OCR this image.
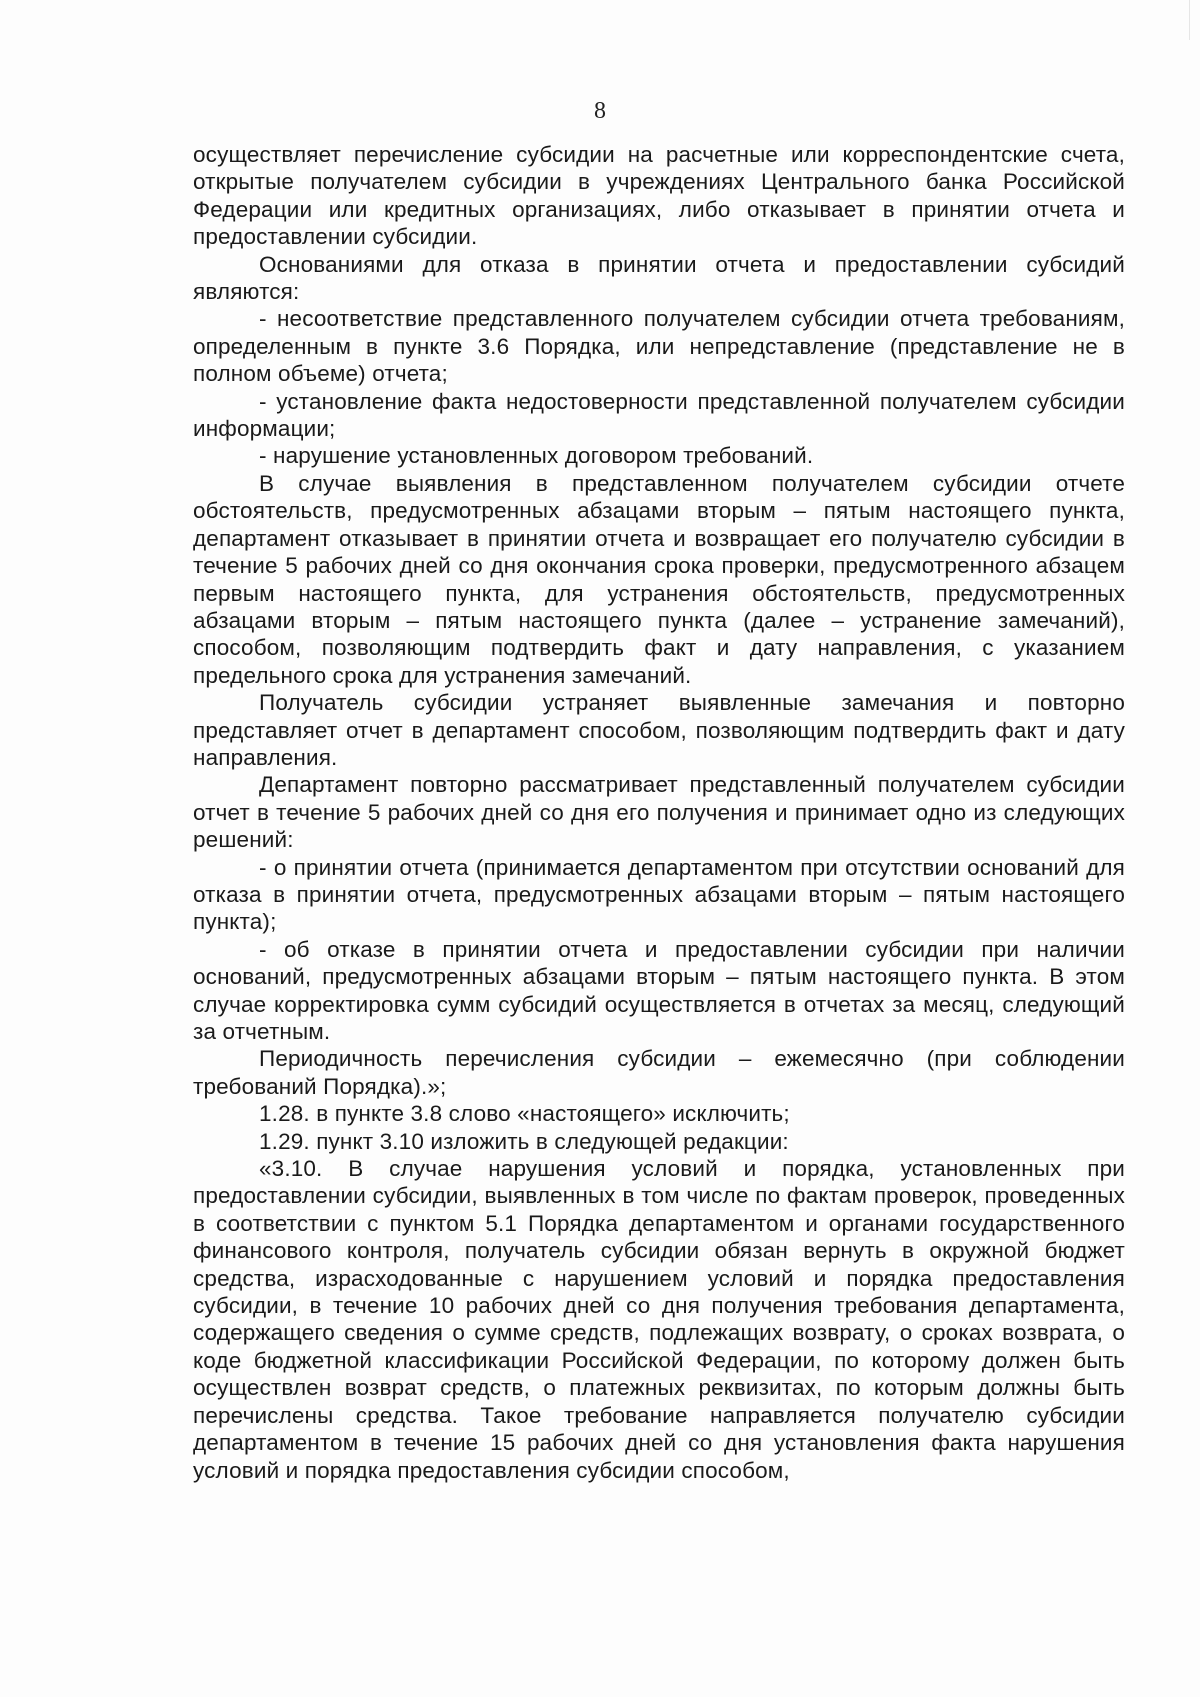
8

осуществляет перечисление субсидии на расчетные или корреспондентские счета, открытые получателем субсидии в учреждениях Центрального банка Российской Федерации или кредитных организациях, либо отказывает в принятии отчета и предоставлении субсидии.

Основаниями для отказа в принятии отчета и предоставлении субсидий являются:

- несоответствие представленного получателем субсидии отчета требованиям, определенным в пункте 3.6 Порядка, или непредставление (представление не в полном объеме) отчета;

- установление факта недостоверности представленной получателем субсидии информации;

- нарушение установленных договором требований.

В случае выявления в представленном получателем субсидии отчете обстоятельств, предусмотренных абзацами вторым – пятым настоящего пункта, департамент отказывает в принятии отчета и возвращает его получателю субсидии в течение 5 рабочих дней со дня окончания срока проверки, предусмотренного абзацем первым настоящего пункта, для устранения обстоятельств, предусмотренных абзацами вторым – пятым настоящего пункта (далее – устранение замечаний), способом, позволяющим подтвердить факт и дату направления, с указанием предельного срока для устранения замечаний.

Получатель субсидии устраняет выявленные замечания и повторно представляет отчет в департамент способом, позволяющим подтвердить факт и дату направления.

Департамент повторно рассматривает представленный получателем субсидии отчет в течение 5 рабочих дней со дня его получения и принимает одно из следующих решений:

- о принятии отчета (принимается департаментом при отсутствии оснований для отказа в принятии отчета, предусмотренных абзацами вторым – пятым настоящего пункта);

- об отказе в принятии отчета и предоставлении субсидии при наличии оснований, предусмотренных абзацами вторым – пятым настоящего пункта. В этом случае корректировка сумм субсидий осуществляется в отчетах за месяц, следующий за отчетным.

Периодичность перечисления субсидии – ежемесячно (при соблюдении требований Порядка).»;

1.28. в пункте 3.8 слово «настоящего» исключить;

1.29. пункт 3.10 изложить в следующей редакции:

«3.10. В случае нарушения условий и порядка, установленных при предоставлении субсидии, выявленных в том числе по фактам проверок, проведенных в соответствии с пунктом 5.1 Порядка департаментом и органами государственного финансового контроля, получатель субсидии обязан вернуть в окружной бюджет средства, израсходованные с нарушением условий и порядка предоставления субсидии, в течение 10 рабочих дней со дня получения требования департамента, содержащего сведения о сумме средств, подлежащих возврату, о сроках возврата, о коде бюджетной классификации Российской Федерации, по которому должен быть осуществлен возврат средств, о платежных реквизитах, по которым должны быть перечислены средства. Такое требование направляется получателю субсидии департаментом в течение 15 рабочих дней со дня установления факта нарушения условий и порядка предоставления субсидии способом,
